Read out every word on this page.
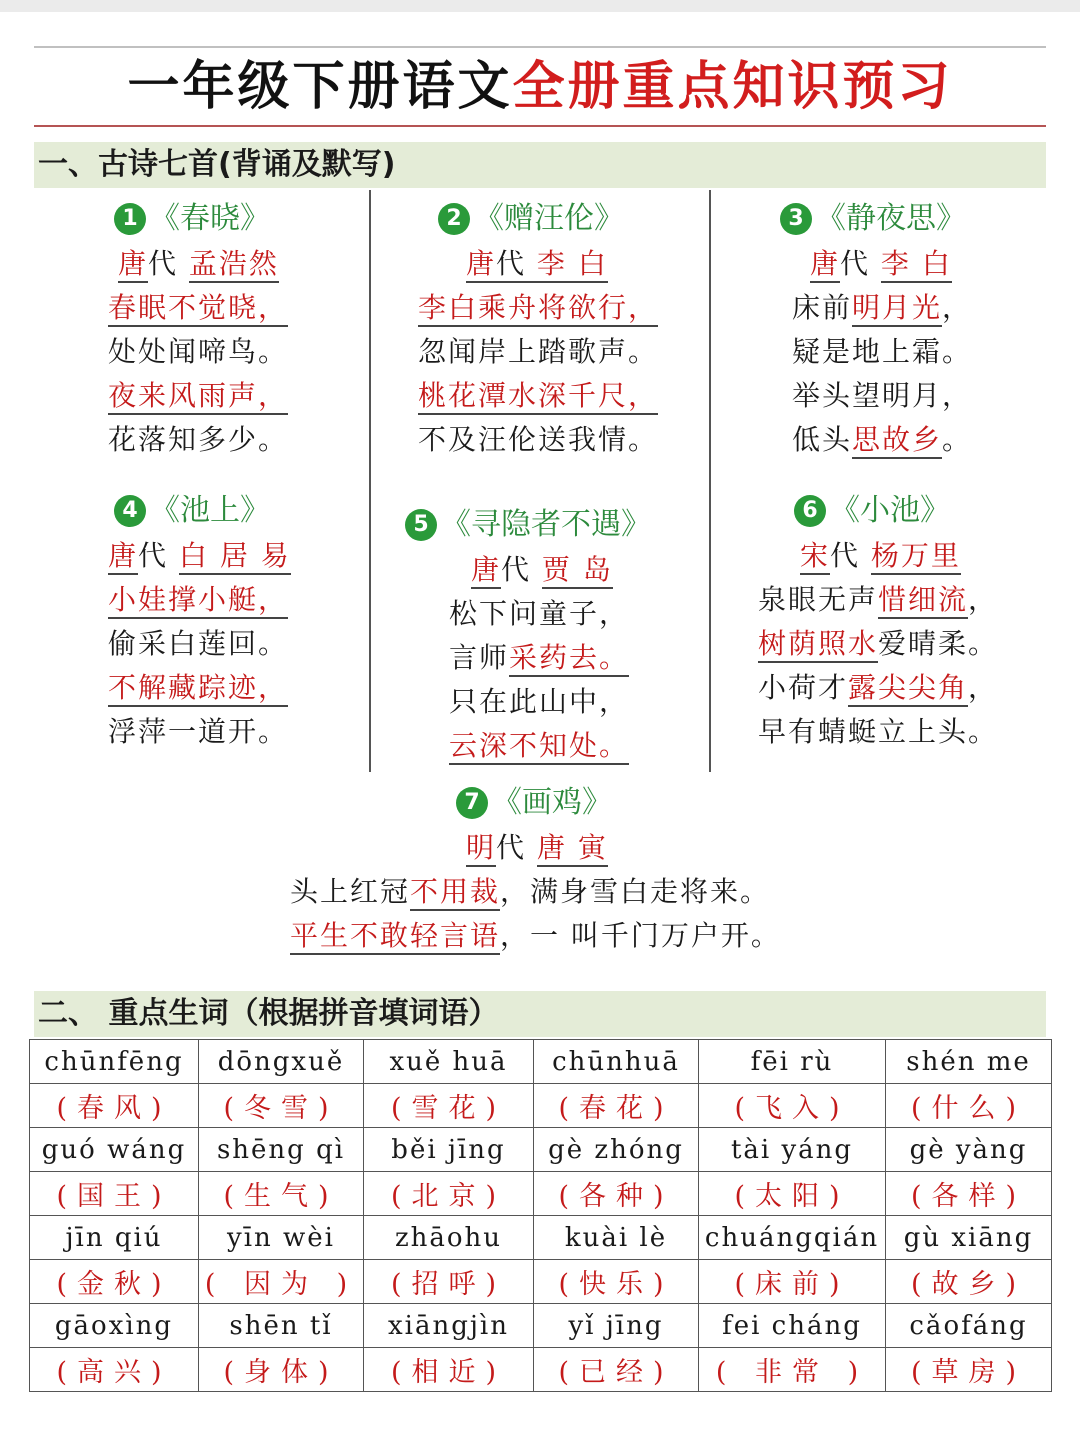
一年级下册语文全册重点知识预习
一、古诗七首(背诵及默写)
1 《春晓》
唐代 孟浩然
春眠不觉晓，
处处闻啼鸟。
夜来风雨声，
花落知多少。
2 《赠汪伦》
唐代 李 白
李白乘舟将欲行，
忽闻岸上踏歌声。
桃花潭水深千尺，
不及汪伦送我情。
3 《静夜思》
唐代 李 白
床前明月光，
疑是地上霜。
举头望明月，
低头思故乡。
4 《池上》
唐代 白 居 易
小娃撑小艇，
偷采白莲回。
不解藏踪迹，
浮萍一道开。
5 《寻隐者不遇》
唐代 贾 岛
松下问童子，
言师采药去。
只在此山中，
云深不知处。
6 《小池》
宋代 杨万里
泉眼无声惜细流，
树荫照水爱晴柔。
小荷才露尖尖角，
早有蜻蜓立上头。
7 《画鸡》
明代 唐 寅
头上红冠不用裁，满身雪白走将来。
平生不敢轻言语，一 叫千门万户开。
二、 重点生词（根据拼音填词语）
chūnfēng	dōngxuě	xuě huā	chūnhuā	fēi rù	shén me
(春风)	(冬雪)	(雪花)	(春花)	(飞入)	(什么)
guó wáng	shēng qì	běi jīng	gè zhóng	tài yáng	gè yàng
(国王)	(生气)	(北京)	(各种)	(太阳)	(各样)
jīn qiú	yīn wèi	zhāohu	kuài lè	chuángqián	gù xiāng
(金秋)	( 因为 )	(招呼)	(快乐)	(床前)	(故乡)
gāoxìng	shēn tǐ	xiāngjìn	yǐ jīng	fei cháng	cǎofáng
(高兴)	(身体)	(相近)	(已经)	( 非常 )	(草房)
